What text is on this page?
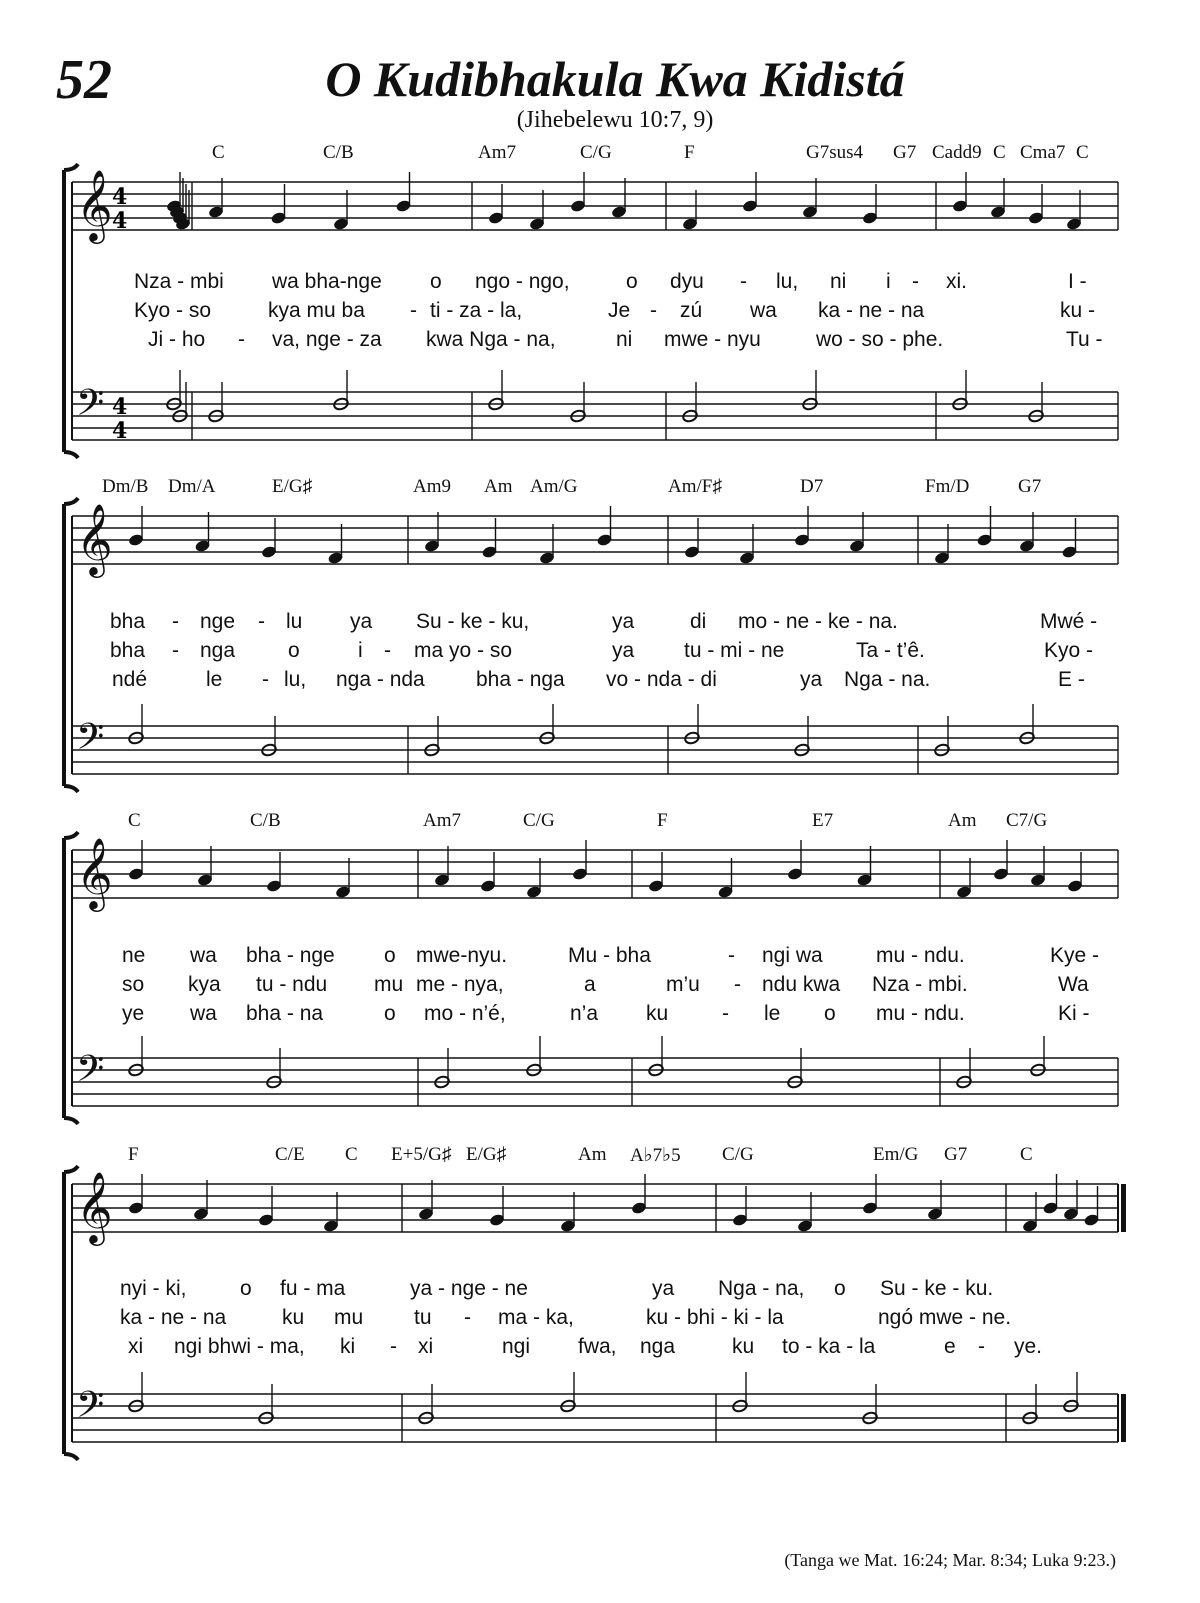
52	O Kudibhakula Kwa Kidistá
(Jihebelewu 10:7, 9)
C	C/B	Am7	C/G	F	G7sus4 G7 Cadd9 C Cma7 C
Dm/B Dm/A	E/G♯	Am9 Am Am/G	Am/F♯	D7	Fm/D	G7
C	C/B	Am7	C/G	F	E7	Am C7/G
F	C/E C E+5/G♯ E/G♯	Am A♭7♭5 C/G	Em/G G7	C
𝄞 4
4
𝄢 4
4
𝄞
𝄢
𝄞
𝄢
𝄞
𝄢
Nza - mbi wa bha-nge o ngo - ngo,	o dyu - lu, ni i - xi.	I -
Kyo - so	kya mu ba - ti - za - la,	Je - zú wa ka - ne - na	ku -
Ji - ho - va, nge - za kwa Nga - na,	ni mwe - nyu	wo - so - phe.	Tu -
bha - nge - lu ya Su - ke - ku,	ya	di mo - ne - ke - na.	Mwé -
bha - nga	o	i - ma yo - so	ya tu - mi - ne	Ta - t’ê.	Kyo -
ndé	le - lu, nga - nda bha - nga vo - nda - di	ya Nga - na.	E -
ne wa bha - nge o mwe-nyu.	Mu - bha	- ngi wa	mu - ndu.	Kye -
so kya tu - ndu mu me - nya,	a	m’u - ndu kwa Nza - mbi.	Wa
ye wa bha - na	o mo - n’é,	n’a ku	- le o mu - ndu.	Ki -
nyi - ki,	o fu - ma	ya - nge - ne	ya Nga - na, o Su - ke - ku.
ka - ne - na	ku mu tu - ma - ka,	ku - bhi - ki - la	ngó mwe - ne.
xi ngi bhwi - ma, ki - xi	ngi fwa, nga	ku to - ka - la	e - ye.
(Tanga we Mat. 16:24; Mar. 8:34; Luka 9:23.)
